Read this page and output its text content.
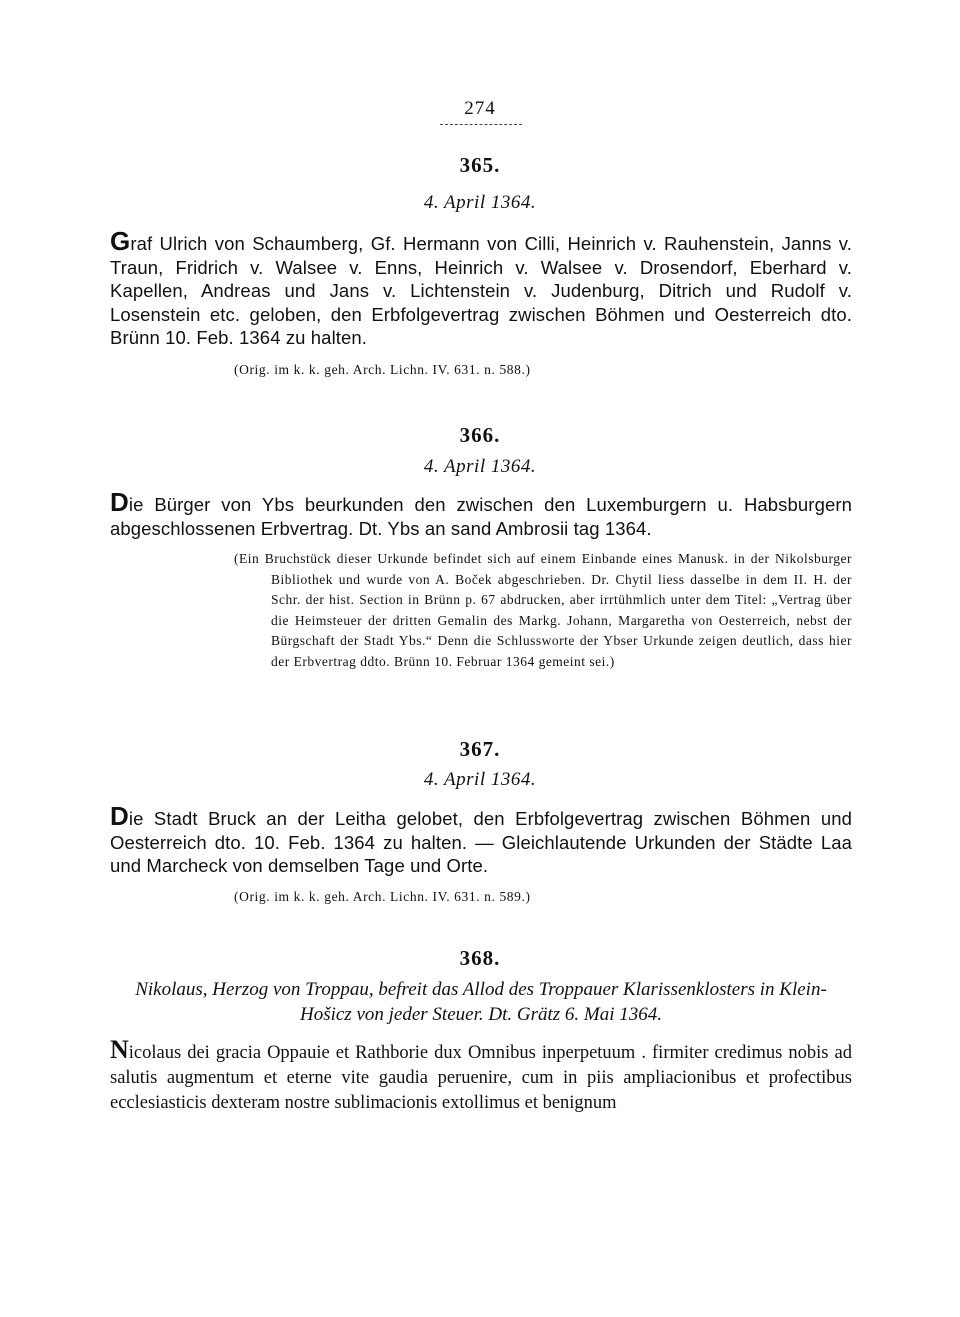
274
365.
4. April 1364.
Graf Ulrich von Schaumberg, Gf. Hermann von Cilli, Heinrich v. Rauhenstein, Janns v. Traun, Fridrich v. Walsee v. Enns, Heinrich v. Walsee v. Drosendorf, Eberhard v. Kapellen, Andreas und Jans v. Lichtenstein v. Judenburg, Ditrich und Rudolf v. Losenstein etc. geloben, den Erbfolgevertrag zwischen Böhmen und Oesterreich dto. Brünn 10. Feb. 1364 zu halten.
(Orig. im k. k. geh. Arch. Lichn. IV. 631. n. 588.)
366.
4. April 1364.
Die Bürger von Ybs beurkunden den zwischen den Luxemburgern u. Habsburgern abgeschlossenen Erbvertrag. Dt. Ybs an sand Ambrosii tag 1364.
(Ein Bruchstück dieser Urkunde befindet sich auf einem Einbande eines Manusk. in der Nikolsburger Bibliothek und wurde von A. Boček abgeschrieben. Dr. Chytil liess dasselbe in dem II. H. der Schr. der hist. Section in Brünn p. 67 abdrucken, aber irrtühmlich unter dem Titel: „Vertrag über die Heimsteuer der dritten Gemalin des Markg. Johann, Margaretha von Oesterreich, nebst der Bürgschaft der Stadt Ybs.“ Denn die Schlussworte der Ybser Urkunde zeigen deutlich, dass hier der Erbvertrag ddto. Brünn 10. Februar 1364 gemeint sei.)
367.
4. April 1364.
Die Stadt Bruck an der Leitha gelobet, den Erbfolgevertrag zwischen Böhmen und Oesterreich dto. 10. Feb. 1364 zu halten. — Gleichlautende Urkunden der Städte Laa und Marcheck von demselben Tage und Orte.
(Orig. im k. k. geh. Arch. Lichn. IV. 631. n. 589.)
368.
Nikolaus, Herzog von Troppau, befreit das Allod des Troppauer Klarissenklosters in Klein-Hošicz von jeder Steuer. Dt. Grätz 6. Mai 1364.
Nicolaus dei gracia Oppauie et Rathborie dux Omnibus inperpetuum . firmiter credimus nobis ad salutis augmentum et eterne vite gaudia peruenire, cum in piis ampliacionibus et profectibus ecclesiasticis dexteram nostre sublimacionis extollimus et benignum
